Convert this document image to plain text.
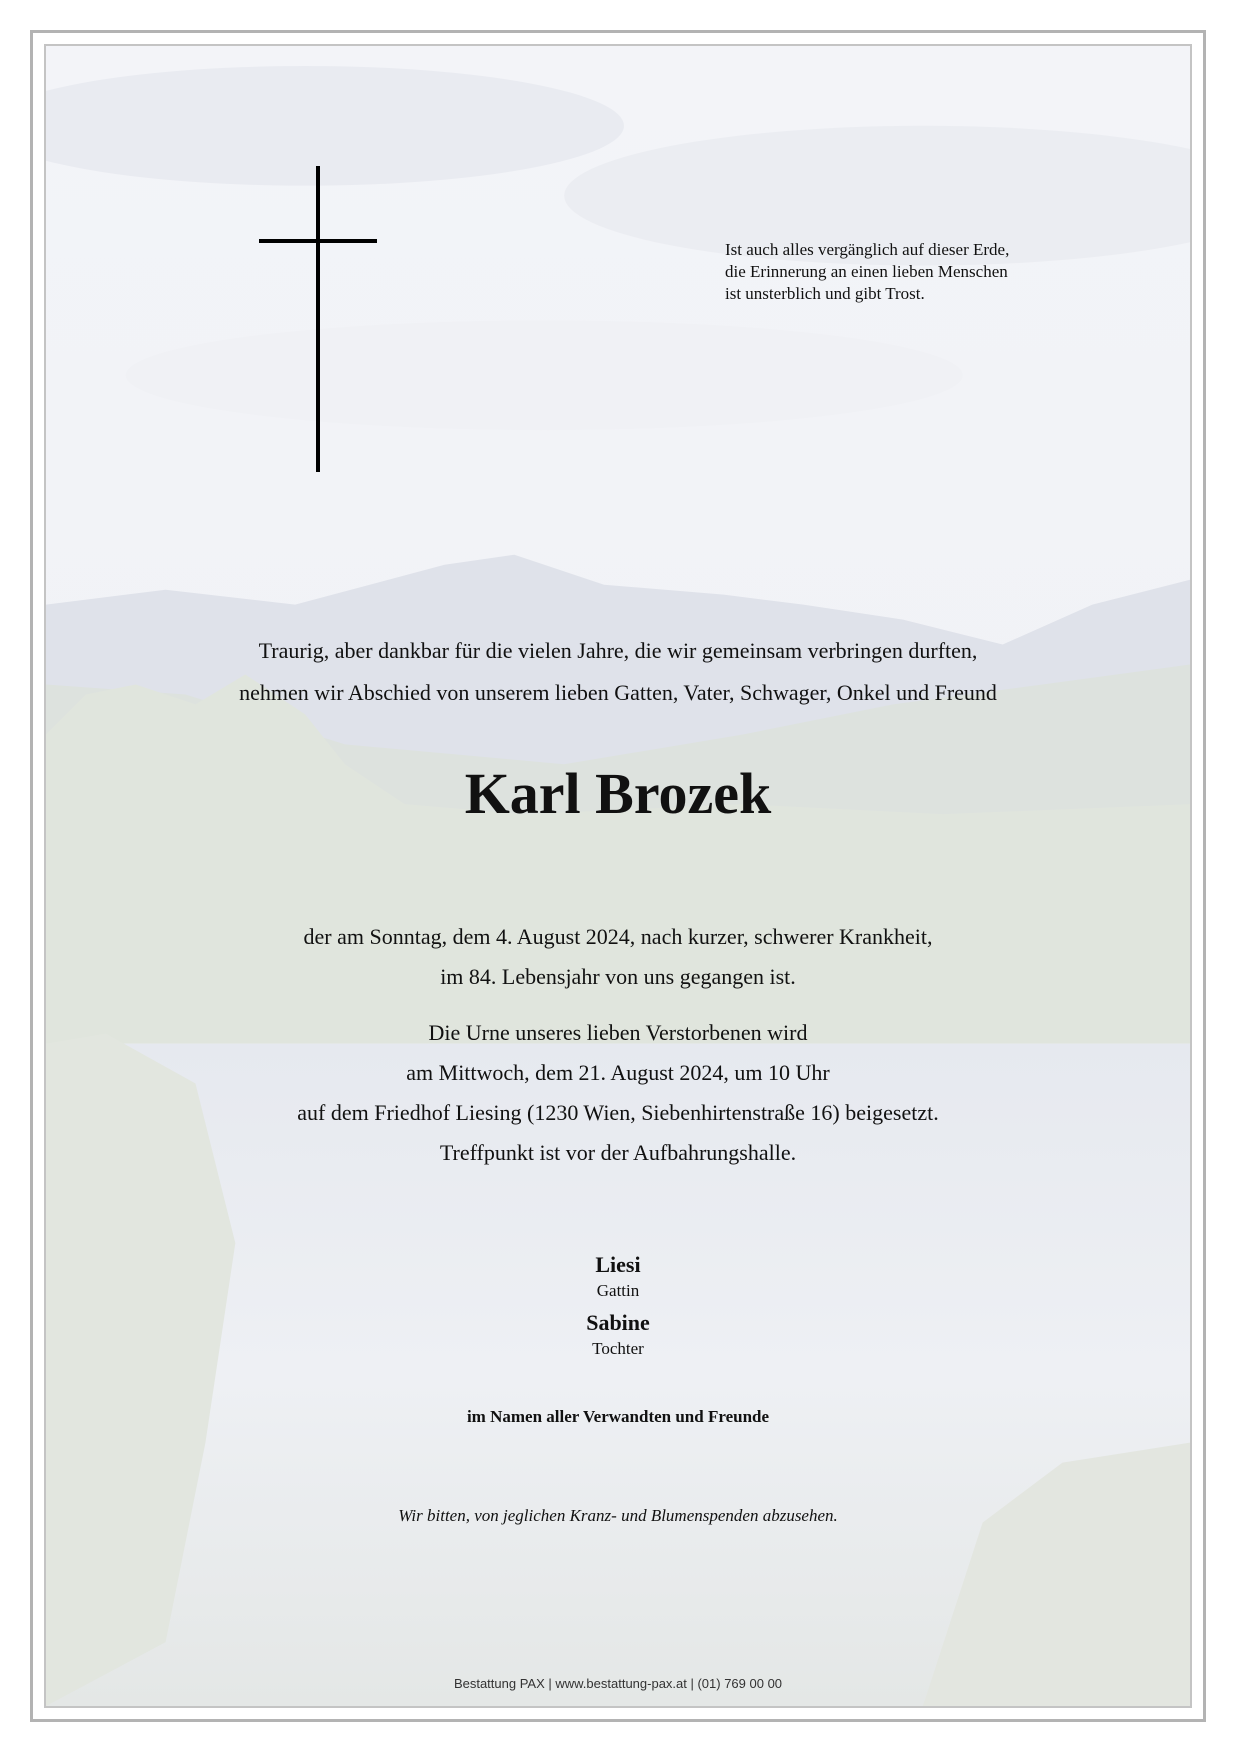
Ist auch alles vergänglich auf dieser Erde,
die Erinnerung an einen lieben Menschen
ist unsterblich und gibt Trost.
Traurig, aber dankbar für die vielen Jahre, die wir gemeinsam verbringen durften,
nehmen wir Abschied von unserem lieben Gatten, Vater, Schwager, Onkel und Freund
Karl Brozek
der am Sonntag, dem 4. August 2024, nach kurzer, schwerer Krankheit,
im 84. Lebensjahr von uns gegangen ist.
Die Urne unseres lieben Verstorbenen wird
am Mittwoch, dem 21. August 2024, um 10 Uhr
auf dem Friedhof Liesing (1230 Wien, Siebenhirtenstraße 16) beigesetzt.
Treffpunkt ist vor der Aufbahrungshalle.
Liesi
Gattin
Sabine
Tochter
im Namen aller Verwandten und Freunde
Wir bitten, von jeglichen Kranz- und Blumenspenden abzusehen.
Bestattung PAX | www.bestattung-pax.at | (01) 769 00 00
